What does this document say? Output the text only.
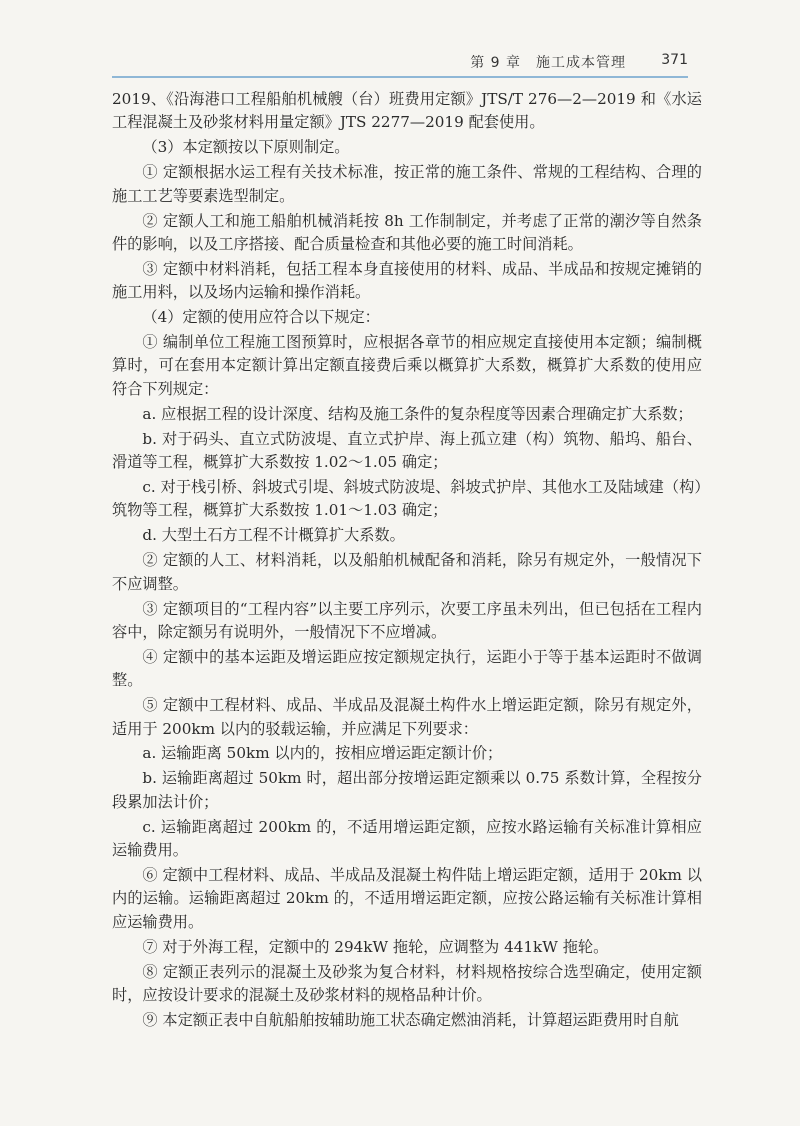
第 9 章　施工成本管理	371

2019、《沿海港口工程船舶机械艘（台）班费用定额》JTS/T 276—2—2019 和《水运工程混凝土及砂浆材料用量定额》JTS 2277—2019 配套使用。

（3）本定额按以下原则制定。

① 定额根据水运工程有关技术标准，按正常的施工条件、常规的工程结构、合理的施工工艺等要素选型制定。

② 定额人工和施工船舶机械消耗按 8h 工作制制定，并考虑了正常的潮汐等自然条件的影响，以及工序搭接、配合质量检查和其他必要的施工时间消耗。

③ 定额中材料消耗，包括工程本身直接使用的材料、成品、半成品和按规定摊销的施工用料，以及场内运输和操作消耗。

（4）定额的使用应符合以下规定：

① 编制单位工程施工图预算时，应根据各章节的相应规定直接使用本定额；编制概算时，可在套用本定额计算出定额直接费后乘以概算扩大系数，概算扩大系数的使用应符合下列规定：

a. 应根据工程的设计深度、结构及施工条件的复杂程度等因素合理确定扩大系数；

b. 对于码头、直立式防波堤、直立式护岸、海上孤立建（构）筑物、船坞、船台、滑道等工程，概算扩大系数按 1.02～1.05 确定；

c. 对于栈引桥、斜坡式引堤、斜坡式防波堤、斜坡式护岸、其他水工及陆域建（构）筑物等工程，概算扩大系数按 1.01～1.03 确定；

d. 大型土石方工程不计概算扩大系数。

② 定额的人工、材料消耗，以及船舶机械配备和消耗，除另有规定外，一般情况下不应调整。

③ 定额项目的“工程内容”以主要工序列示，次要工序虽未列出，但已包括在工程内容中，除定额另有说明外，一般情况下不应增减。

④ 定额中的基本运距及增运距应按定额规定执行，运距小于等于基本运距时不做调整。

⑤ 定额中工程材料、成品、半成品及混凝土构件水上增运距定额，除另有规定外，适用于 200km 以内的驳载运输，并应满足下列要求：

a. 运输距离 50km 以内的，按相应增运距定额计价；

b. 运输距离超过 50km 时，超出部分按增运距定额乘以 0.75 系数计算，全程按分段累加法计价；

c. 运输距离超过 200km 的，不适用增运距定额，应按水路运输有关标准计算相应运输费用。

⑥ 定额中工程材料、成品、半成品及混凝土构件陆上增运距定额，适用于 20km 以内的运输。运输距离超过 20km 的，不适用增运距定额，应按公路运输有关标准计算相应运输费用。

⑦ 对于外海工程，定额中的 294kW 拖轮，应调整为 441kW 拖轮。

⑧ 定额正表列示的混凝土及砂浆为复合材料，材料规格按综合选型确定，使用定额时，应按设计要求的混凝土及砂浆材料的规格品种计价。

⑨ 本定额正表中自航船舶按辅助施工状态确定燃油消耗，计算超运距费用时自航
